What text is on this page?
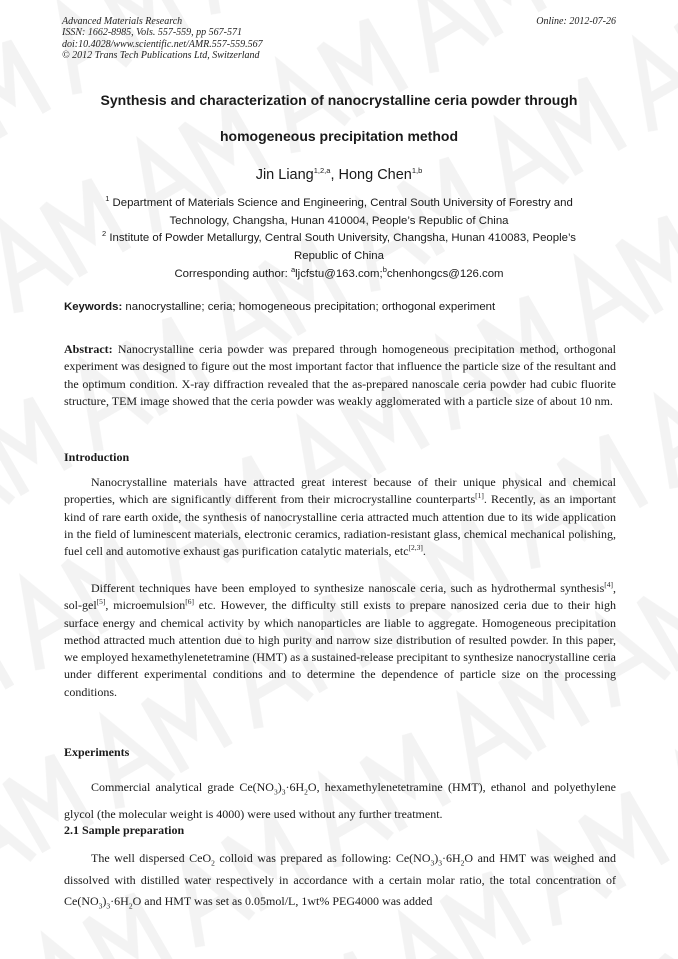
Advanced Materials Research
ISSN: 1662-8985, Vols. 557-559, pp 567-571
doi:10.4028/www.scientific.net/AMR.557-559.567
© 2012 Trans Tech Publications Ltd, Switzerland
Online: 2012-07-26
Synthesis and characterization of nanocrystalline ceria powder through
homogeneous precipitation method
Jin Liang$^{1,2,a}$, Hong Chen$^{1,b}$
$^1$ Department of Materials Science and Engineering, Central South University of Forestry and
Technology, Changsha, Hunan 410004, People’s Republic of China
$^2$ Institute of Powder Metallurgy, Central South University, Changsha, Hunan 410083, People’s
Republic of China
Corresponding author: $^a$ljcfstu@163.com;$^b$chenhongcs@126.com
Keywords: nanocrystalline; ceria; homogeneous precipitation; orthogonal experiment
Abstract: Nanocrystalline ceria powder was prepared through homogeneous precipitation method, orthogonal experiment was designed to figure out the most important factor that influence the particle size of the resultant and the optimum condition. X-ray diffraction revealed that the as-prepared nanoscale ceria powder had cubic fluorite structure, TEM image showed that the ceria powder was weakly agglomerated with a particle size of about 10 nm.
Introduction
Nanocrystalline materials have attracted great interest because of their unique physical and chemical properties, which are significantly different from their microcrystalline counterparts[1]. Recently, as an important kind of rare earth oxide, the synthesis of nanocrystalline ceria attracted much attention due to its wide application in the field of luminescent materials, electronic ceramics, radiation-resistant glass, chemical mechanical polishing, fuel cell and automotive exhaust gas purification catalytic materials, etc[2,3].
Different techniques have been employed to synthesize nanoscale ceria, such as hydrothermal synthesis[4], sol-gel[5], microemulsion[6] etc. However, the difficulty still exists to prepare nanosized ceria due to their high surface energy and chemical activity by which nanoparticles are liable to aggregate. Homogeneous precipitation method attracted much attention due to high purity and narrow size distribution of resulted powder. In this paper, we employed hexamethylenetetramine (HMT) as a sustained-release precipitant to synthesize nanocrystalline ceria under different experimental conditions and to determine the dependence of particle size on the processing conditions.
Experiments
Commercial analytical grade $Ce(NO_3)_3\cdot 6H_2O$, hexamethylenetetramine (HMT), ethanol and polyethylene glycol (the molecular weight is 4000) were used without any further treatment.
2.1 Sample preparation
The well dispersed CeO$_2$ colloid was prepared as following: $Ce(NO_3)_3\cdot 6H_2O$ and HMT was weighed and dissolved with distilled water respectively in accordance with a certain molar ratio, the total concentration of $Ce(NO_3)_3\cdot 6H_2O$ and HMT was set as 0.05mol/L, 1wt% PEG4000 was added
